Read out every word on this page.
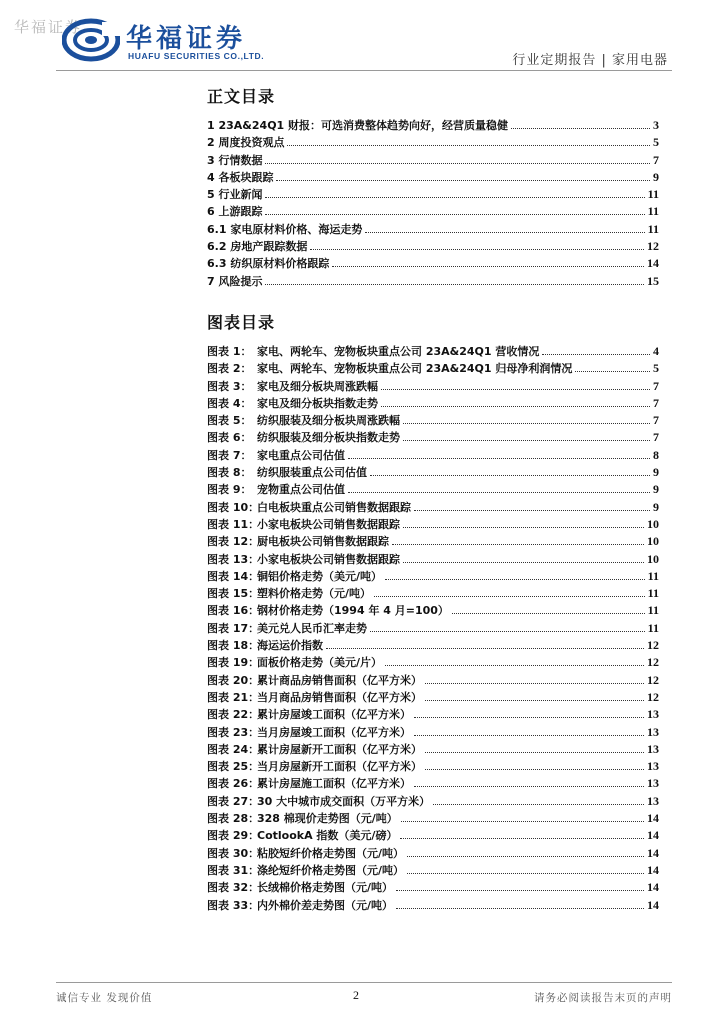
华福证券 华福证券
HUAFU SECURITIES CO.,LTD.	行业定期报告 | 家用电器
正文目录
1 23A&24Q1 财报：可选消费整体趋势向好，经营质量稳健	3
2 周度投资观点	5
3 行情数据	7
4 各板块跟踪	9
5 行业新闻	11
6 上游跟踪	11
6.1 家电原材料价格、海运走势	11
6.2 房地产跟踪数据	12
6.3 纺织原材料价格跟踪	14
7 风险提示	15
图表目录
图表 1： 家电、两轮车、宠物板块重点公司 23A&24Q1 营收情况	4
图表 2： 家电、两轮车、宠物板块重点公司 23A&24Q1 归母净利润情况	5
图表 3： 家电及细分板块周涨跌幅	7
图表 4： 家电及细分板块指数走势	7
图表 5： 纺织服装及细分板块周涨跌幅	7
图表 6： 纺织服装及细分板块指数走势	7
图表 7： 家电重点公司估值	8
图表 8： 纺织服装重点公司估值	9
图表 9： 宠物重点公司估值	9
图表 10：白电板块重点公司销售数据跟踪	9
图表 11：小家电板块公司销售数据跟踪	10
图表 12：厨电板块公司销售数据跟踪	10
图表 13：小家电板块公司销售数据跟踪	10
图表 14：铜铝价格走势（美元/吨）	11
图表 15：塑料价格走势（元/吨）	11
图表 16：钢材价格走势（1994 年 4 月=100）	11
图表 17：美元兑人民币汇率走势	11
图表 18：海运运价指数	12
图表 19：面板价格走势（美元/片）	12
图表 20：累计商品房销售面积（亿平方米）	12
图表 21：当月商品房销售面积（亿平方米）	12
图表 22：累计房屋竣工面积（亿平方米）	13
图表 23：当月房屋竣工面积（亿平方米）	13
图表 24：累计房屋新开工面积（亿平方米）	13
图表 25：当月房屋新开工面积（亿平方米）	13
图表 26：累计房屋施工面积（亿平方米）	13
图表 27：30 大中城市成交面积（万平方米）	13
图表 28：328 棉现价走势图（元/吨）	14
图表 29：CotlookA 指数（美元/磅）	14
图表 30：粘胶短纤价格走势图（元/吨）	14
图表 31：涤纶短纤价格走势图（元/吨）	14
图表 32：长绒棉价格走势图（元/吨）	14
图表 33：内外棉价差走势图（元/吨）	14
诚信专业 发现价值	2	请务必阅读报告末页的声明
